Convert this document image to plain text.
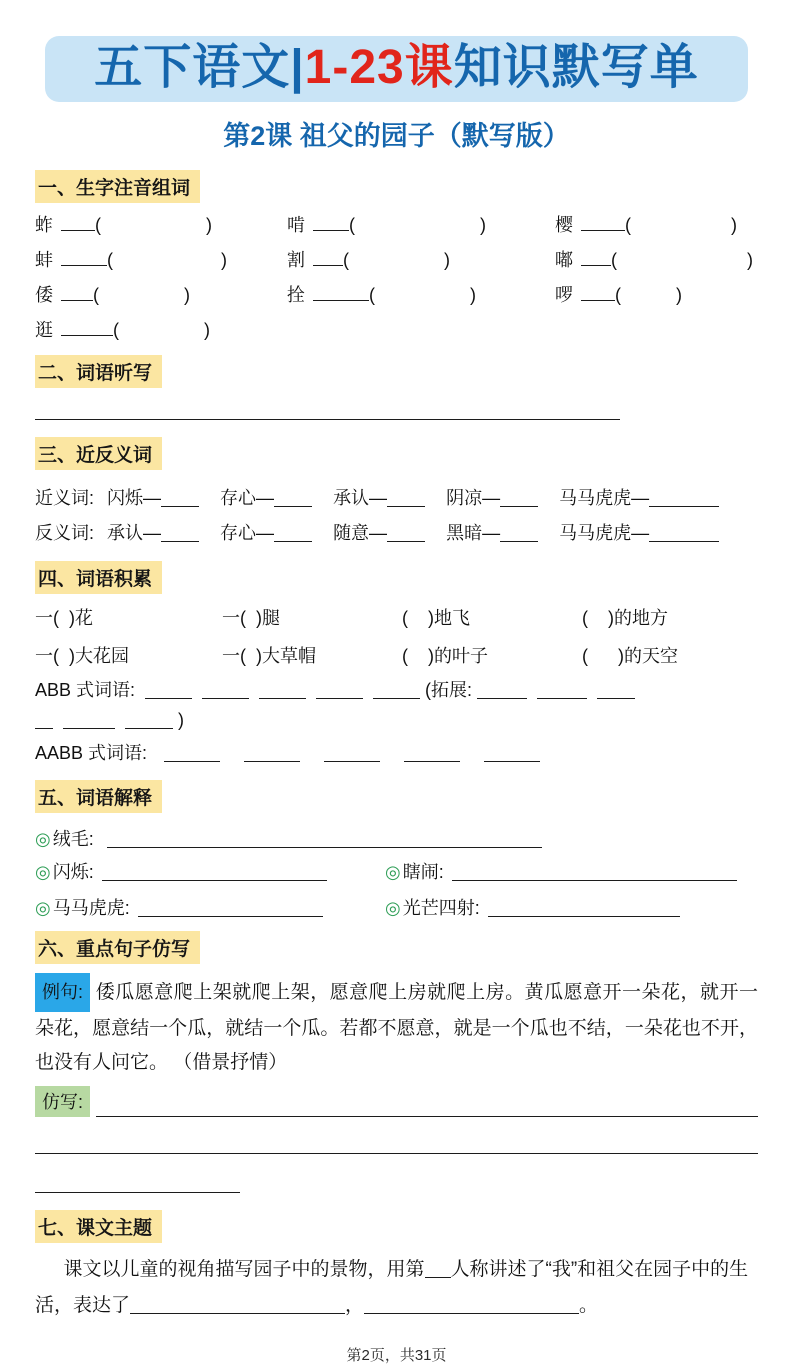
五下语文|1-23课知识默写单
第2课 祖父的园子（默写版）
一、生字注音组词
蚱 (	)	啃 (	)	樱	(	)
蚌	(	)	割 (	)	嘟 (	)
倭 (	)	拴	(	)	啰 (	)
逛	(	)
二、词语听写
三、近反义词
近义词: 闪烁—	存心—	承认—	阴凉—	马马虎虎—
反义词: 承认—	存心—	随意—	黑暗—	马马虎虎—
四、词语积累
一(  )花	一(  )腿	(    )地飞	(    )的地方
一(  )大花园	一(  )大草帽	(    )的叶子	(      )的天空
ABB 式词语:	(拓展:
)
AABB 式词语:
五、词语解释
◎ 绒毛:
◎ 闪烁:	◎ 瞎闹:
◎ 马马虎虎:	◎ 光芒四射:
六、重点句子仿写

例句: 倭瓜愿意爬上架就爬上架，愿意爬上房就爬上房。黄瓜愿意开一朵花，就开一朵花，愿意结一个瓜，就结一个瓜。若都不愿意，就是一个瓜也不结，一朵花也不开，也没有人问它。 （借景抒情）

仿写:
七、课文主题

课文以儿童的视角描写园子中的景物，用第 人称讲述了“我”和祖父在园子中的生活，表达了	，	。

第2页，共31页
